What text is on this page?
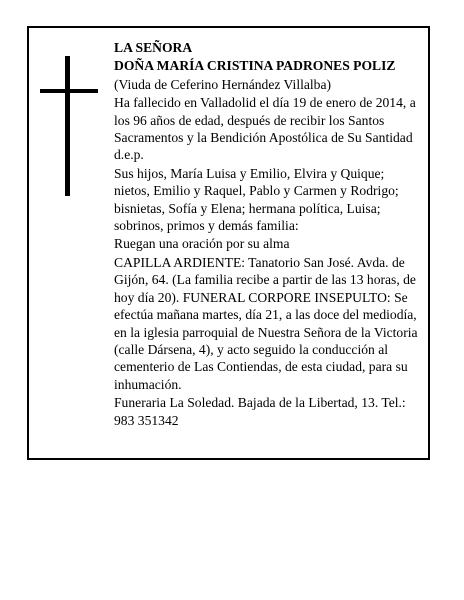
LA SEÑORA

DOÑA MARÍA CRISTINA PADRONES POLIZ

(Viuda de Ceferino Hernández Villalba)

Ha fallecido en Valladolid el día 19 de enero de 2014, a
los 96 años de edad, después de recibir los Santos
Sacramentos y la Bendición Apostólica de Su Santidad
d.e.p.

Sus hijos, María Luisa y Emilio, Elvira y Quique;
nietos, Emilio y Raquel, Pablo y Carmen y Rodrigo;
bisnietas, Sofía y Elena; hermana política, Luisa;
sobrinos, primos y demás familia:

Ruegan una oración por su alma

CAPILLA ARDIENTE: Tanatorio San José. Avda. de
Gijón, 64. (La familia recibe a partir de las 13 horas, de
hoy día 20). FUNERAL CORPORE INSEPULTO: Se
efectúa mañana martes, día 21, a las doce del mediodía,
en la iglesia parroquial de Nuestra Señora de la Victoria
(calle Dársena, 4), y acto seguido la conducción al
cementerio de Las Contiendas, de esta ciudad, para su
inhumación.

Funeraria La Soledad. Bajada de la Libertad, 13. Tel.:
983 351342
